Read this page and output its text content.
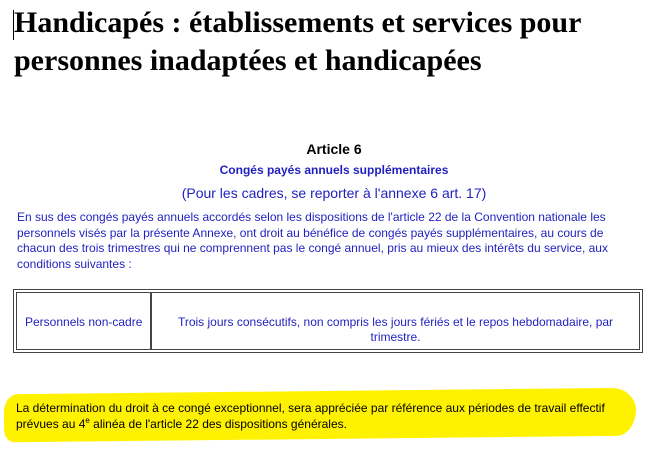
Handicapés : établissements et services pour personnes inadaptées et handicapées

Article 6

Congés payés annuels supplémentaires

(Pour les cadres, se reporter à l'annexe 6 art. 17)

En sus des congés payés annuels accordés selon les dispositions de l'article 22 de la Convention nationale les personnels visés par la présente Annexe, ont droit au bénéfice de congés payés supplémentaires, au cours de chacun des trois trimestres qui ne comprennent pas le congé annuel, pris au mieux des intérêts du service, aux conditions suivantes :

Personnels non-cadre	Trois jours consécutifs, non compris les jours fériés et le repos hebdomadaire, par trimestre.

La détermination du droit à ce congé exceptionnel, sera appréciée par référence aux périodes de travail effectif prévues au 4e alinéa de l'article 22 des dispositions générales.
